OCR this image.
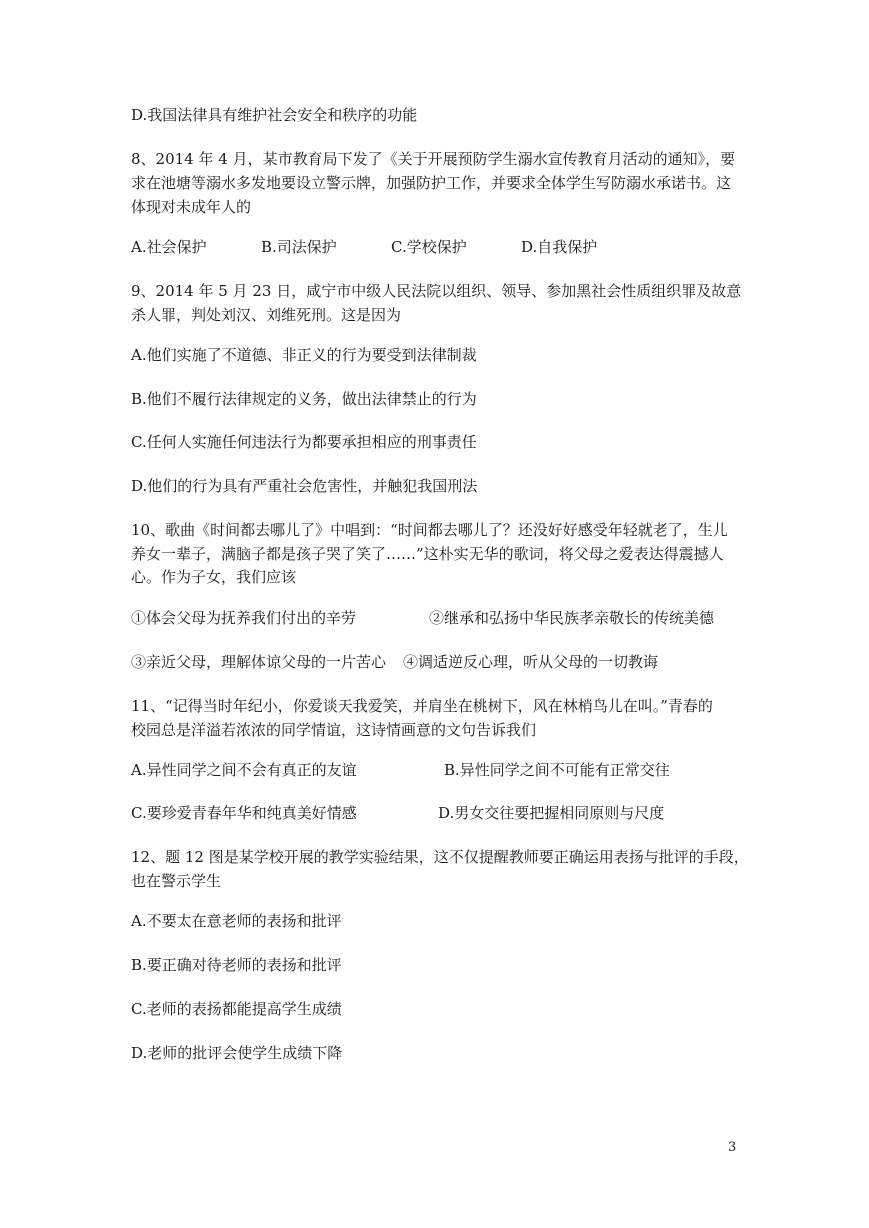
D.我国法律具有维护社会安全和秩序的功能
8、2014 年 4 月，某市教育局下发了《关于开展预防学生溺水宣传教育月活动的通知》，要
求在池塘等溺水多发地要设立警示牌，加强防护工作，并要求全体学生写防溺水承诺书。这
体现对未成年人的
A.社会保护	B.司法保护	C.学校保护	D.自我保护
9、2014 年 5 月 23 日，咸宁市中级人民法院以组织、领导、参加黑社会性质组织罪及故意
杀人罪，判处刘汉、刘维死刑。这是因为
A.他们实施了不道德、非正义的行为要受到法律制裁
B.他们不履行法律规定的义务，做出法律禁止的行为
C.任何人实施任何违法行为都要承担相应的刑事责任
D.他们的行为具有严重社会危害性，并触犯我国刑法
10、歌曲《时间都去哪儿了》中唱到：“时间都去哪儿了？还没好好感受年轻就老了，生儿
养女一辈子，满脑子都是孩子哭了笑了……”这朴实无华的歌词，将父母之爱表达得震撼人
心。作为子女，我们应该
①体会父母为抚养我们付出的辛劳	②继承和弘扬中华民族孝亲敬长的传统美德
③亲近父母，理解体谅父母的一片苦心 ④调适逆反心理，听从父母的一切教诲
11、“记得当时年纪小，你爱谈天我爱笑，并肩坐在桃树下，风在林梢鸟儿在叫。”青春的
校园总是洋溢若浓浓的同学情谊，这诗情画意的文句告诉我们
A.异性同学之间不会有真正的友谊	B.异性同学之间不可能有正常交往
C.要珍爱青春年华和纯真美好情感	D.男女交往要把握相同原则与尺度
12、题 12 图是某学校开展的教学实验结果，这不仅提醒教师要正确运用表扬与批评的手段，
也在警示学生
A.不要太在意老师的表扬和批评
B.要正确对待老师的表扬和批评
C.老师的表扬都能提高学生成绩
D.老师的批评会使学生成绩下降
3
